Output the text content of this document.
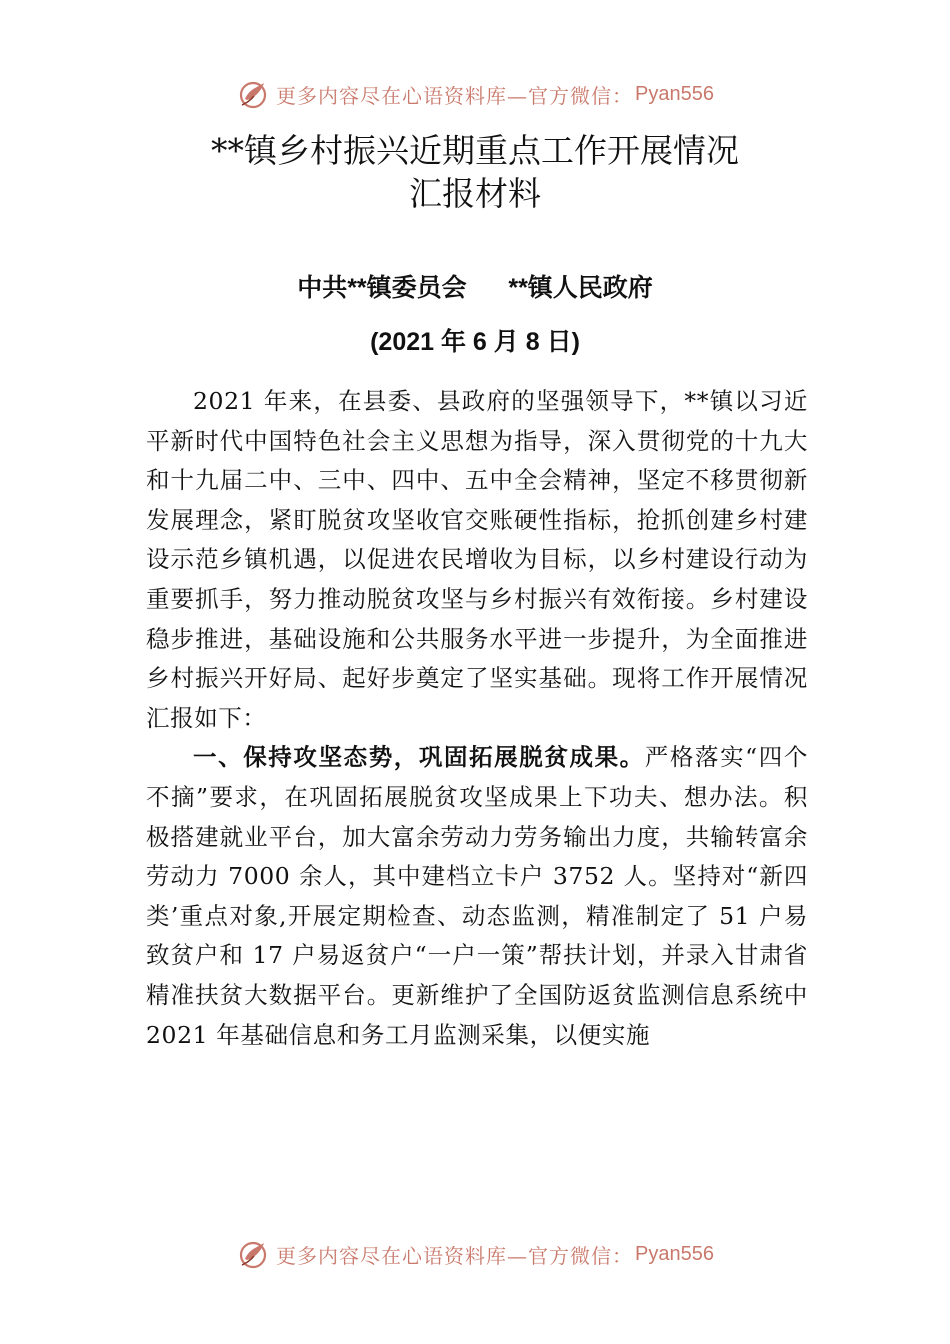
更多内容尽在心语资料库—官方微信： Pyan556
**镇乡村振兴近期重点工作开展情况
汇报材料
中共**镇委员会      **镇人民政府
(2021 年 6 月 8 日)

2021 年来，在县委、县政府的坚强领导下，**镇以习近平新时代中国特色社会主义思想为指导，深入贯彻党的十九大和十九届二中、三中、四中、五中全会精神，坚定不移贯彻新发展理念，紧盯脱贫攻坚收官交账硬性指标，抢抓创建乡村建设示范乡镇机遇，以促进农民增收为目标，以乡村建设行动为重要抓手，努力推动脱贫攻坚与乡村振兴有效衔接。乡村建设稳步推进，基础设施和公共服务水平进一步提升，为全面推进乡村振兴开好局、起好步奠定了坚实基础。现将工作开展情况汇报如下：

一、保持攻坚态势，巩固拓展脱贫成果。严格落实“四个不摘”要求，在巩固拓展脱贫攻坚成果上下功夫、想办法。积极搭建就业平台，加大富余劳动力劳务输出力度，共输转富余劳动力 7000 余人，其中建档立卡户 3752 人。坚持对“新四类’重点对象,开展定期检查、动态监测，精准制定了 51 户易致贫户和 17 户易返贫户“一户一策”帮扶计划，并录入甘肃省精准扶贫大数据平台。更新维护了全国防返贫监测信息系统中 2021 年基础信息和务工月监测采集，以便实施

更多内容尽在心语资料库—官方微信： Pyan556
